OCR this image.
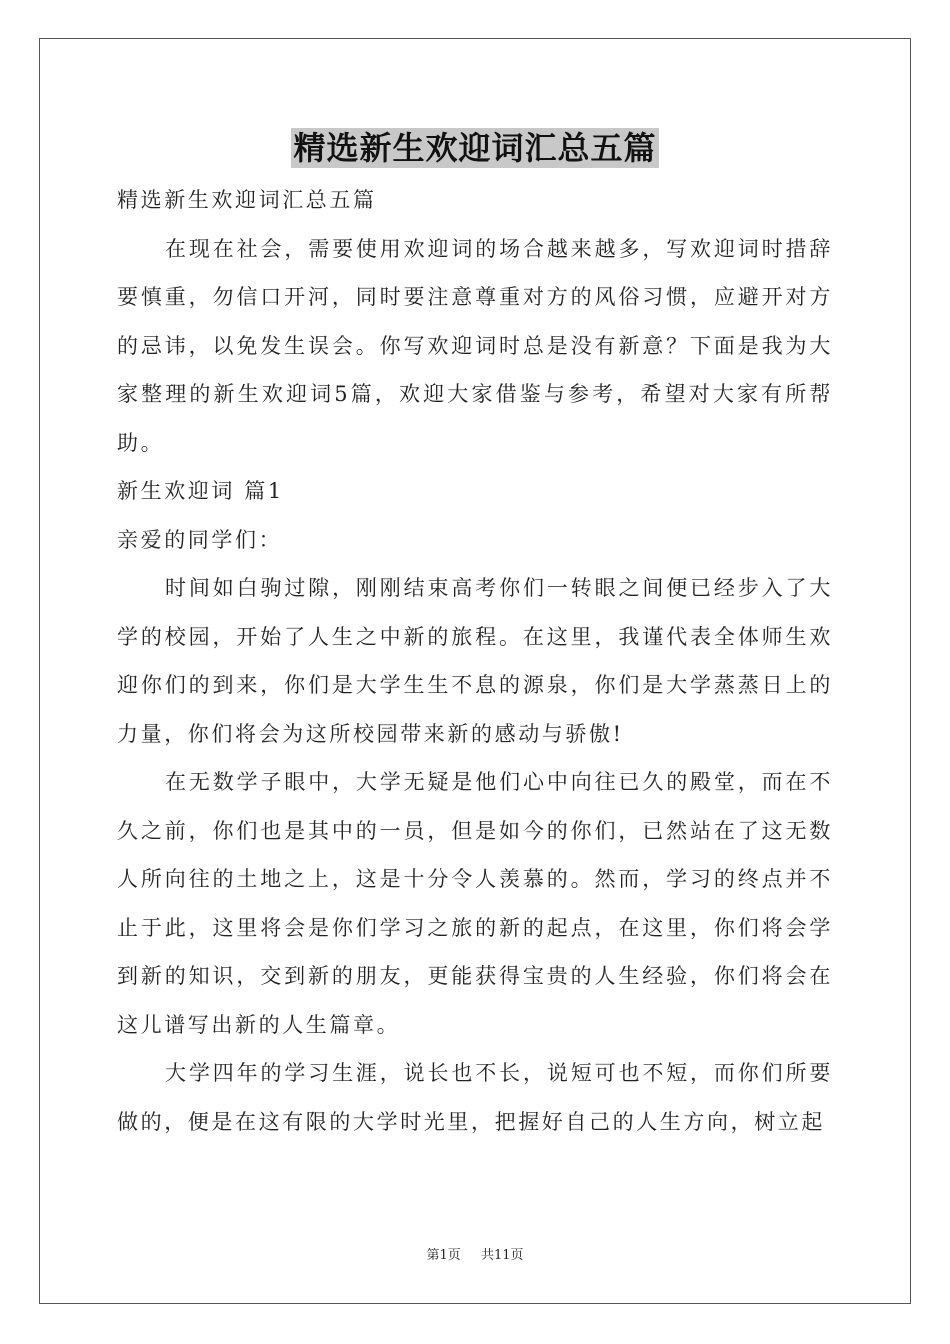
精选新生欢迎词汇总五篇

精选新生欢迎词汇总五篇

在现在社会，需要使用欢迎词的场合越来越多，写欢迎词时措辞要慎重，勿信口开河，同时要注意尊重对方的风俗习惯，应避开对方的忌讳，以免发生误会。你写欢迎词时总是没有新意？下面是我为大家整理的新生欢迎词5篇，欢迎大家借鉴与参考，希望对大家有所帮助。

新生欢迎词 篇1

亲爱的同学们：

时间如白驹过隙，刚刚结束高考你们一转眼之间便已经步入了大学的校园，开始了人生之中新的旅程。在这里，我谨代表全体师生欢迎你们的到来，你们是大学生生不息的源泉，你们是大学蒸蒸日上的力量，你们将会为这所校园带来新的感动与骄傲!

在无数学子眼中，大学无疑是他们心中向往已久的殿堂，而在不久之前，你们也是其中的一员，但是如今的你们，已然站在了这无数人所向往的土地之上，这是十分令人羡慕的。然而，学习的终点并不止于此，这里将会是你们学习之旅的新的起点，在这里，你们将会学到新的知识，交到新的朋友，更能获得宝贵的人生经验，你们将会在这儿谱写出新的人生篇章。

大学四年的学习生涯，说长也不长，说短可也不短，而你们所要做的，便是在这有限的大学时光里，把握好自己的人生方向，树立起

第1页 共11页
